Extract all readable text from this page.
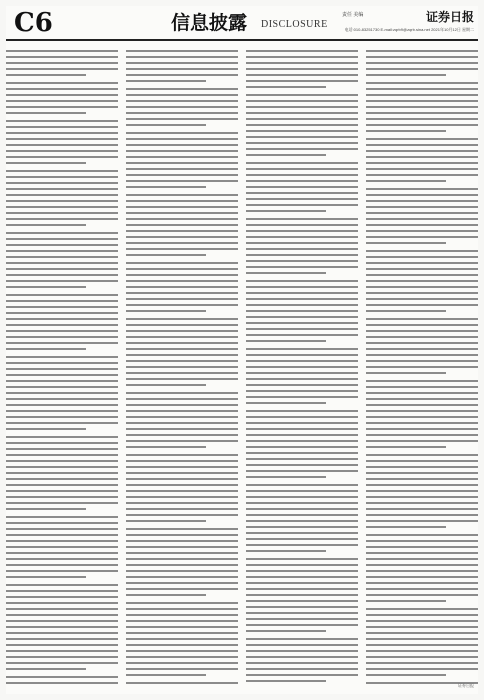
C6	信息披露 DISCLOSURE
责任 美编	证券日报
电话:010-83251730 E-mail:zqrb9@zqrb.sina.net 2021年10月12日 星期二
证券日报
